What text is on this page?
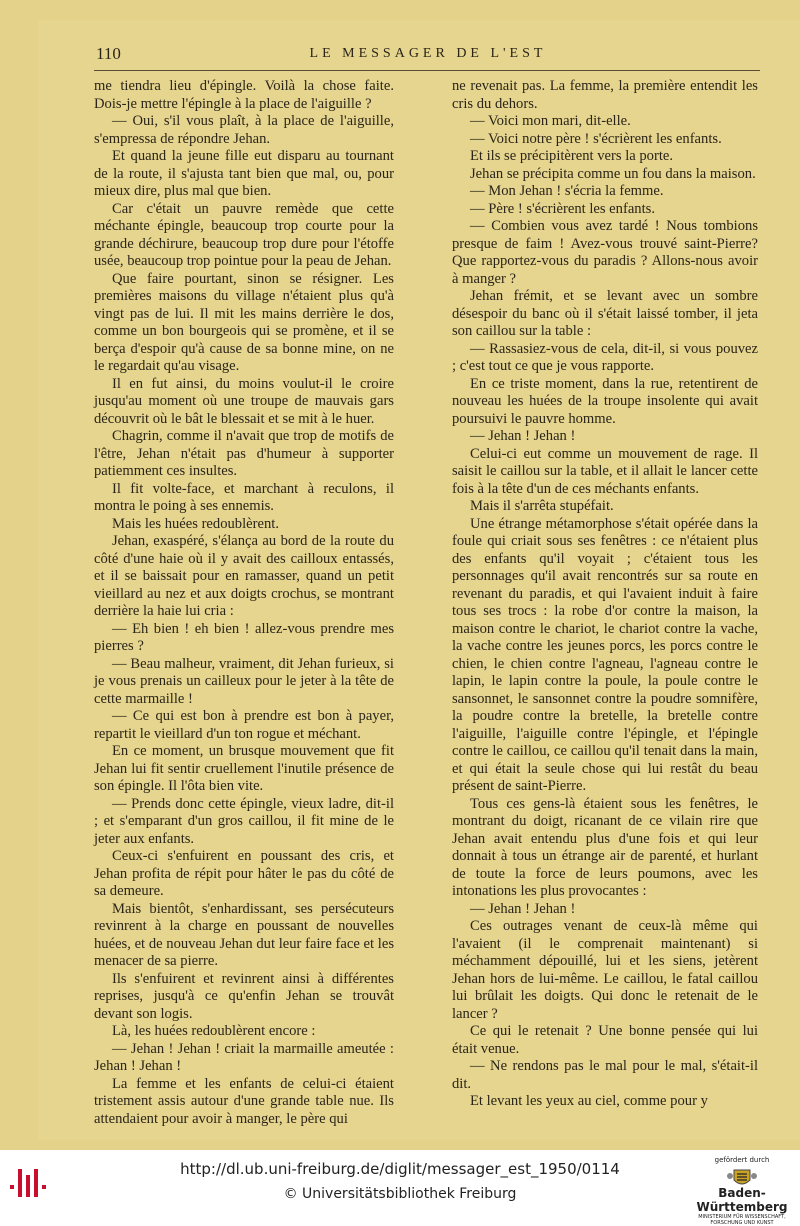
110	LE MESSAGER DE L'EST

me tiendra lieu d'épingle. Voilà la chose faite. Dois-je mettre l'épingle à la place de l'aiguille ?

— Oui, s'il vous plaît, à la place de l'aiguille, s'empressa de répondre Jehan.

Et quand la jeune fille eut disparu au tournant de la route, il s'ajusta tant bien que mal, ou, pour mieux dire, plus mal que bien.

Car c'était un pauvre remède que cette méchante épingle, beaucoup trop courte pour la grande déchirure, beaucoup trop dure pour l'étoffe usée, beaucoup trop pointue pour la peau de Jehan.

Que faire pourtant, sinon se résigner. Les premières maisons du village n'étaient plus qu'à vingt pas de lui. Il mit les mains derrière le dos, comme un bon bourgeois qui se promène, et il se berça d'espoir qu'à cause de sa bonne mine, on ne le regardait qu'au visage.

Il en fut ainsi, du moins voulut-il le croire jusqu'au moment où une troupe de mauvais gars découvrit où le bât le blessait et se mit à le huer.

Chagrin, comme il n'avait que trop de motifs de l'être, Jehan n'était pas d'humeur à supporter patiemment ces insultes.

Il fit volte-face, et marchant à reculons, il montra le poing à ses ennemis.

Mais les huées redoublèrent.

Jehan, exaspéré, s'élança au bord de la route du côté d'une haie où il y avait des cailloux entassés, et il se baissait pour en ramasser, quand un petit vieillard au nez et aux doigts crochus, se montrant derrière la haie lui cria :

— Eh bien ! eh bien ! allez-vous prendre mes pierres ?

— Beau malheur, vraiment, dit Jehan furieux, si je vous prenais un cailleux pour le jeter à la tête de cette marmaille !

— Ce qui est bon à prendre est bon à payer, repartit le vieillard d'un ton rogue et méchant.

En ce moment, un brusque mouvement que fit Jehan lui fit sentir cruellement l'inutile présence de son épingle. Il l'ôta bien vite.

— Prends donc cette épingle, vieux ladre, dit-il ; et s'emparant d'un gros caillou, il fit mine de le jeter aux enfants.

Ceux-ci s'enfuirent en poussant des cris, et Jehan profita de répit pour hâter le pas du côté de sa demeure.

Mais bientôt, s'enhardissant, ses persécuteurs revinrent à la charge en poussant de nouvelles huées, et de nouveau Jehan dut leur faire face et les menacer de sa pierre.

Ils s'enfuirent et revinrent ainsi à différentes reprises, jusqu'à ce qu'enfin Jehan se trouvât devant son logis.

Là, les huées redoublèrent encore :

— Jehan ! Jehan ! criait la marmaille ameutée : Jehan ! Jehan !

La femme et les enfants de celui-ci étaient tristement assis autour d'une grande table nue. Ils attendaient pour avoir à manger, le père qui

ne revenait pas. La femme, la première entendit les cris du dehors.

— Voici mon mari, dit-elle.

— Voici notre père ! s'écrièrent les enfants.

Et ils se précipitèrent vers la porte.

Jehan se précipita comme un fou dans la maison.

— Mon Jehan ! s'écria la femme.

— Père ! s'écrièrent les enfants.

— Combien vous avez tardé ! Nous tombions presque de faim ! Avez-vous trouvé saint-Pierre? Que rapportez-vous du paradis ? Allons-nous avoir à manger ?

Jehan frémit, et se levant avec un sombre désespoir du banc où il s'était laissé tomber, il jeta son caillou sur la table :

— Rassasiez-vous de cela, dit-il, si vous pouvez ; c'est tout ce que je vous rapporte.

En ce triste moment, dans la rue, retentirent de nouveau les huées de la troupe insolente qui avait poursuivi le pauvre homme.

— Jehan ! Jehan !

Celui-ci eut comme un mouvement de rage. Il saisit le caillou sur la table, et il allait le lancer cette fois à la tête d'un de ces méchants enfants.

Mais il s'arrêta stupéfait.

Une étrange métamorphose s'était opérée dans la foule qui criait sous ses fenêtres : ce n'étaient plus des enfants qu'il voyait ; c'étaient tous les personnages qu'il avait rencontrés sur sa route en revenant du paradis, et qui l'avaient induit à faire tous ses trocs : la robe d'or contre la maison, la maison contre le chariot, le chariot contre la vache, la vache contre les jeunes porcs, les porcs contre le chien, le chien contre l'agneau, l'agneau contre le lapin, le lapin contre la poule, la poule contre le sansonnet, le sansonnet contre la poudre somnifère, la poudre contre la bretelle, la bretelle contre l'aiguille, l'aiguille contre l'épingle, et l'épingle contre le caillou, ce caillou qu'il tenait dans la main, et qui était la seule chose qui lui restât du beau présent de saint-Pierre.

Tous ces gens-là étaient sous les fenêtres, le montrant du doigt, ricanant de ce vilain rire que Jehan avait entendu plus d'une fois et qui leur donnait à tous un étrange air de parenté, et hurlant de toute la force de leurs poumons, avec les intonations les plus provocantes :

— Jehan ! Jehan !

Ces outrages venant de ceux-là même qui l'avaient (il le comprenait maintenant) si méchamment dépouillé, lui et les siens, jetèrent Jehan hors de lui-même. Le caillou, le fatal caillou lui brûlait les doigts. Qui donc le retenait de le lancer ?

Ce qui le retenait ? Une bonne pensée qui lui était venue.

— Ne rendons pas le mal pour le mal, s'était-il dit.

Et levant les yeux au ciel, comme pour y

http://dl.ub.uni-freiburg.de/diglit/messager_est_1950/0114
© Universitätsbibliothek Freiburg
gefördert durch
Baden-Württemberg
MINISTERIUM FÜR WISSENSCHAFT, FORSCHUNG UND KUNST
